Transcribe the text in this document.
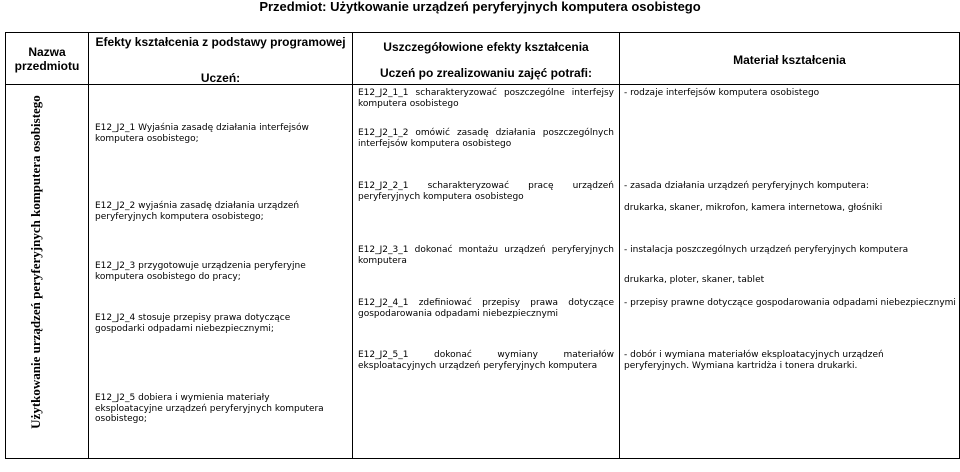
Przedmiot: Użytkowanie urządzeń peryferyjnych komputera osobistego
Nazwa przedmiotu
Efekty kształcenia z podstawy programowej
Uczeń:
Uszczegółowione efekty kształcenia
Uczeń po zrealizowaniu zajęć potrafi:
Materiał kształcenia
Użytkowanie urządzeń peryferyjnych komputera osobistego	E12_J2_1 Wyjaśnia zasadę działania interfejsów komputera osobistego;
E12_J2_2 wyjaśnia zasadę działania urządzeń peryferyjnych komputera osobistego;
E12_J2_3 przygotowuje urządzenia peryferyjne komputera osobistego do pracy;
E12_J2_4 stosuje przepisy prawa dotyczące gospodarki odpadami niebezpiecznymi;
E12_J2_5 dobiera i wymienia materiały eksploatacyjne urządzeń peryferyjnych komputera osobistego;
E12_J2_1_1 scharakteryzować poszczególne interfejsy komputera osobistego
E12_J2_1_2 omówić zasadę działania poszczególnych interfejsów komputera osobistego
E12_J2_2_1 scharakteryzować pracę urządzeń peryferyjnych komputera osobistego
E12_J2_3_1 dokonać montażu urządzeń peryferyjnych komputera
E12_J2_4_1 zdefiniować przepisy prawa dotyczące gospodarowania odpadami niebezpiecznymi
E12_J2_5_1 dokonać wymiany materiałów eksploatacyjnych urządzeń peryferyjnych komputera
- rodzaje interfejsów komputera osobistego
- zasada działania urządzeń peryferyjnych komputera:
drukarka, skaner, mikrofon, kamera internetowa, głośniki
- instalacja poszczególnych urządzeń peryferyjnych komputera
drukarka, ploter, skaner, tablet
- przepisy prawne dotyczące gospodarowania odpadami niebezpiecznymi
- dobór i wymiana materiałów eksploatacyjnych urządzeń peryferyjnych. Wymiana kartridża i tonera drukarki.
